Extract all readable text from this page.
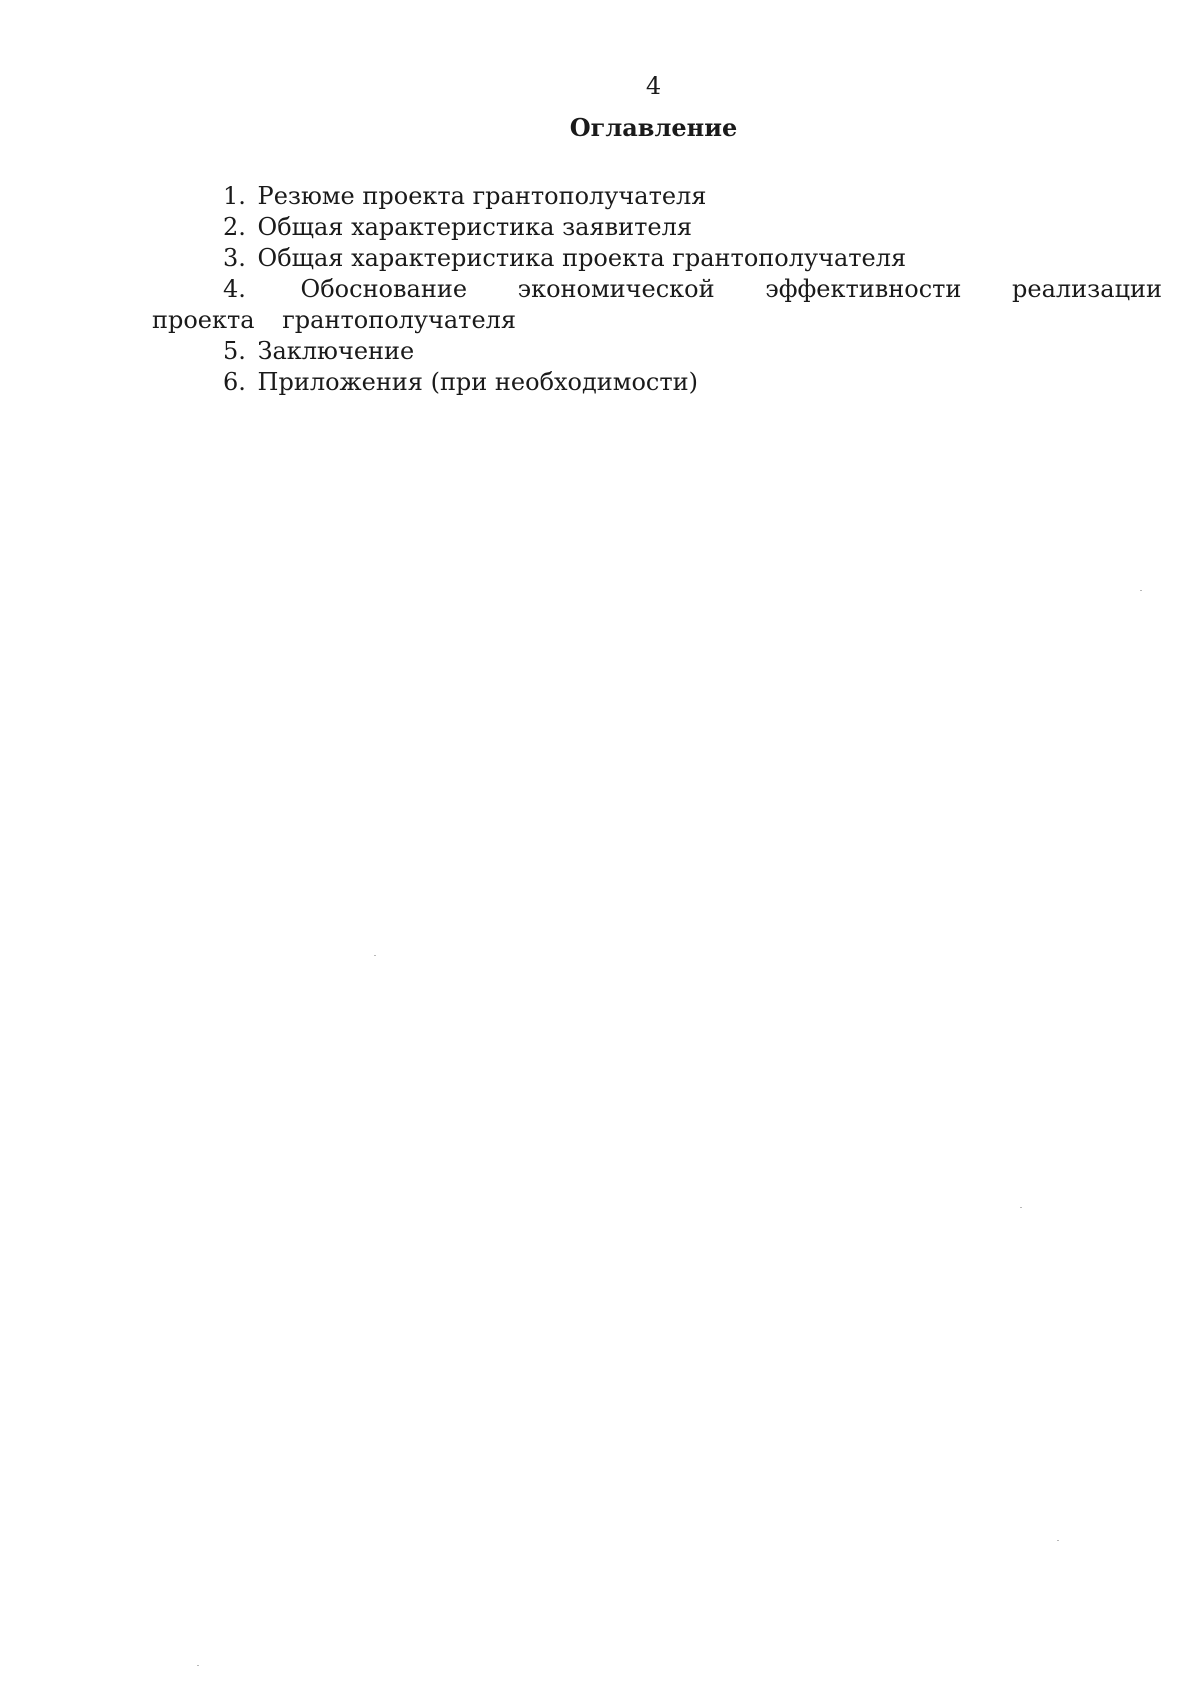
4
Оглавление
1. Резюме проекта грантополучателя
2. Общая характеристика заявителя
3. Общая характеристика проекта грантополучателя
4. Обоснование экономической эффективности реализации проекта грантополучателя
5. Заключение
6. Приложения (при необходимости)
